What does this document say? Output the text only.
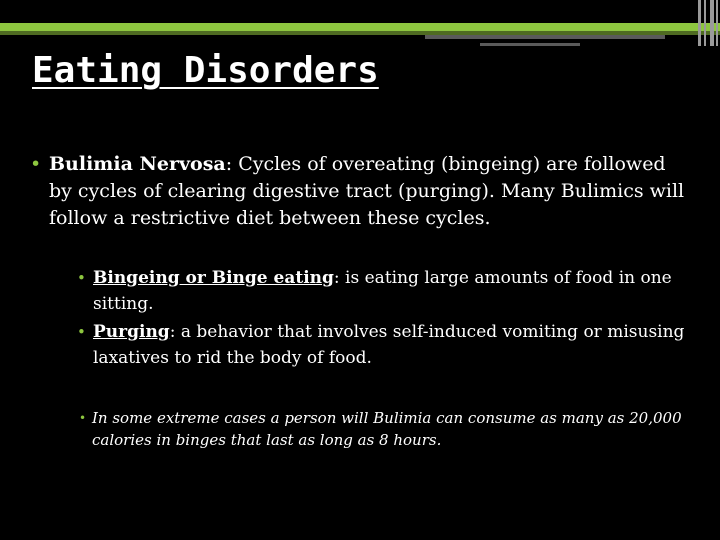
Eating Disorders
• Bulimia Nervosa: Cycles of overeating (bingeing) are followed by cycles of clearing digestive tract (purging). Many Bulimics will follow a restrictive diet between these cycles.
• Bingeing or Binge eating: is eating large amounts of food in one sitting.
• Purging: a behavior that involves self-induced vomiting or misusing laxatives to rid the body of food.
• In some extreme cases a person will Bulimia can consume as many as 20,000 calories in binges that last as long as 8 hours.
